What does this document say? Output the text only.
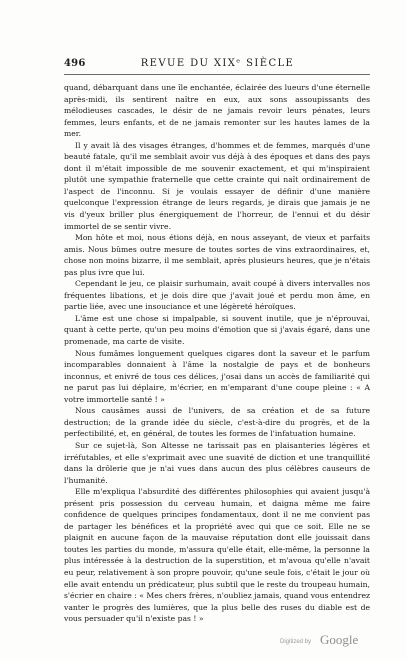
496	REVUE DU XIXᵉ SIÈCLE

quand, débarquant dans une île enchantée, éclairée des lueurs d'une éternelle après-midi, ils sentirent naître en eux, aux sons assoupissants des mélodieuses cascades, le désir de ne jamais revoir leurs pénates, leurs femmes, leurs enfants, et de ne jamais remonter sur les hautes lames de la mer.

Il y avait là des visages étranges, d'hommes et de femmes, marqués d'une beauté fatale, qu'il me semblait avoir vus déjà à des époques et dans des pays dont il m'était impossible de me souvenir exactement, et qui m'inspiraient plutôt une sympathie fraternelle que cette crainte qui naît ordinairement de l'aspect de l'inconnu. Si je voulais essayer de définir d'une manière quelconque l'expression étrange de leurs regards, je dirais que jamais je ne vis d'yeux briller plus énergiquement de l'horreur, de l'ennui et du désir immortel de se sentir vivre.

Mon hôte et moi, nous étions déjà, en nous asseyant, de vieux et parfaits amis. Nous bûmes outre mesure de toutes sortes de vins extraordinaires, et, chose non moins bizarre, il me semblait, après plusieurs heures, que je n'étais pas plus ivre que lui.

Cependant le jeu, ce plaisir surhumain, avait coupé à divers intervalles nos fréquentes libations, et je dois dire que j'avait joué et perdu mon âme, en partie liée, avec une insouciance et une légèreté héroïques.

L'âme est une chose si impalpable, si souvent inutile, que je n'éprouvai, quant à cette perte, qu'un peu moins d'émotion que si j'avais égaré, dans une promenade, ma carte de visite.

Nous fumâmes longuement quelques cigares dont la saveur et le parfum incomparables donnaient à l'âme la nostalgie de pays et de bonheurs inconnus, et enivré de tous ces délices, j'osai dans un accès de familiarité qui ne parut pas lui déplaire, m'écrier, en m'emparant d'une coupe pleine : « A votre immortelle santé ! »

Nous causâmes aussi de l'univers, de sa création et de sa future destruction; de la grande idée du siècle, c'est-à-dire du progrès, et de la perfectibilité, et, en général, de toutes les formes de l'infatuation humaine.

Sur ce sujet-là, Son Altesse ne tarissait pas en plaisanteries légères et irréfutables, et elle s'exprimait avec une suavité de diction et une tranquillité dans la drôlerie que je n'ai vues dans aucun des plus célèbres causeurs de l'humanité.

Elle m'expliqua l'absurdité des différentes philosophies qui avaient jusqu'à présent pris possession du cerveau humain, et daigna même me faire confidence de quelques principes fondamentaux, dont il ne me convient pas de partager les bénéfices et la propriété avec qui que ce soit. Elle ne se plaignit en aucune façon de la mauvaise réputation dont elle jouissait dans toutes les parties du monde, m'assura qu'elle était, elle-même, la personne la plus intéressée à la destruction de la superstition, et m'avoua qu'elle n'avait eu peur, relativement à son propre pouvoir, qu'une seule fois, c'était le jour où elle avait entendu un prédicateur, plus subtil que le reste du troupeau humain, s'écrier en chaire : « Mes chers frères, n'oubliez jamais, quand vous entendrez vanter le progrès des lumières, que la plus belle des ruses du diable est de vous persuader qu'il n'existe pas ! »

Digitized by Google
